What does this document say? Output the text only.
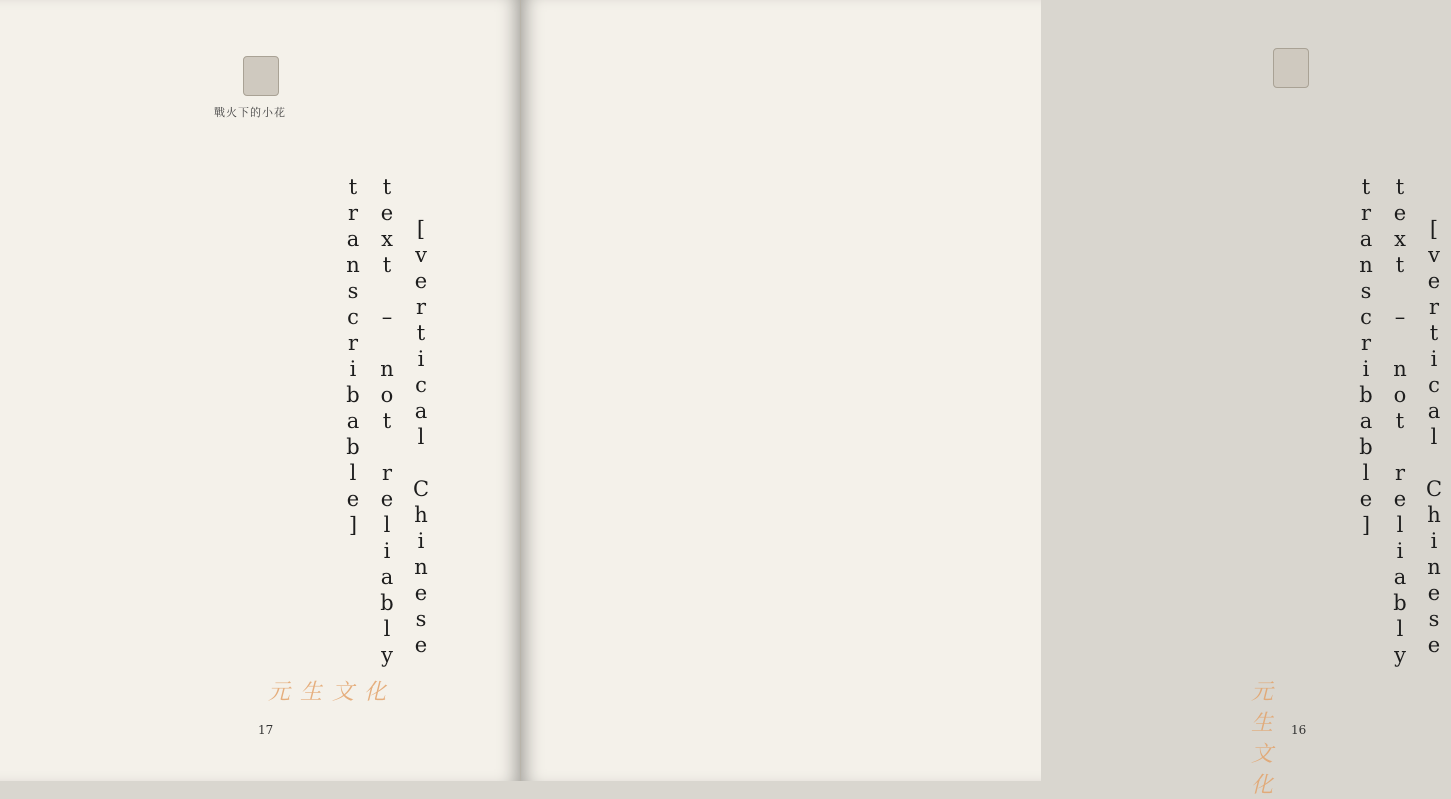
戰火下的小花

[vertical Chinese text – not reliably transcribable]

元生文化
17

[vertical Chinese text – not reliably transcribable]

元生文化
16
